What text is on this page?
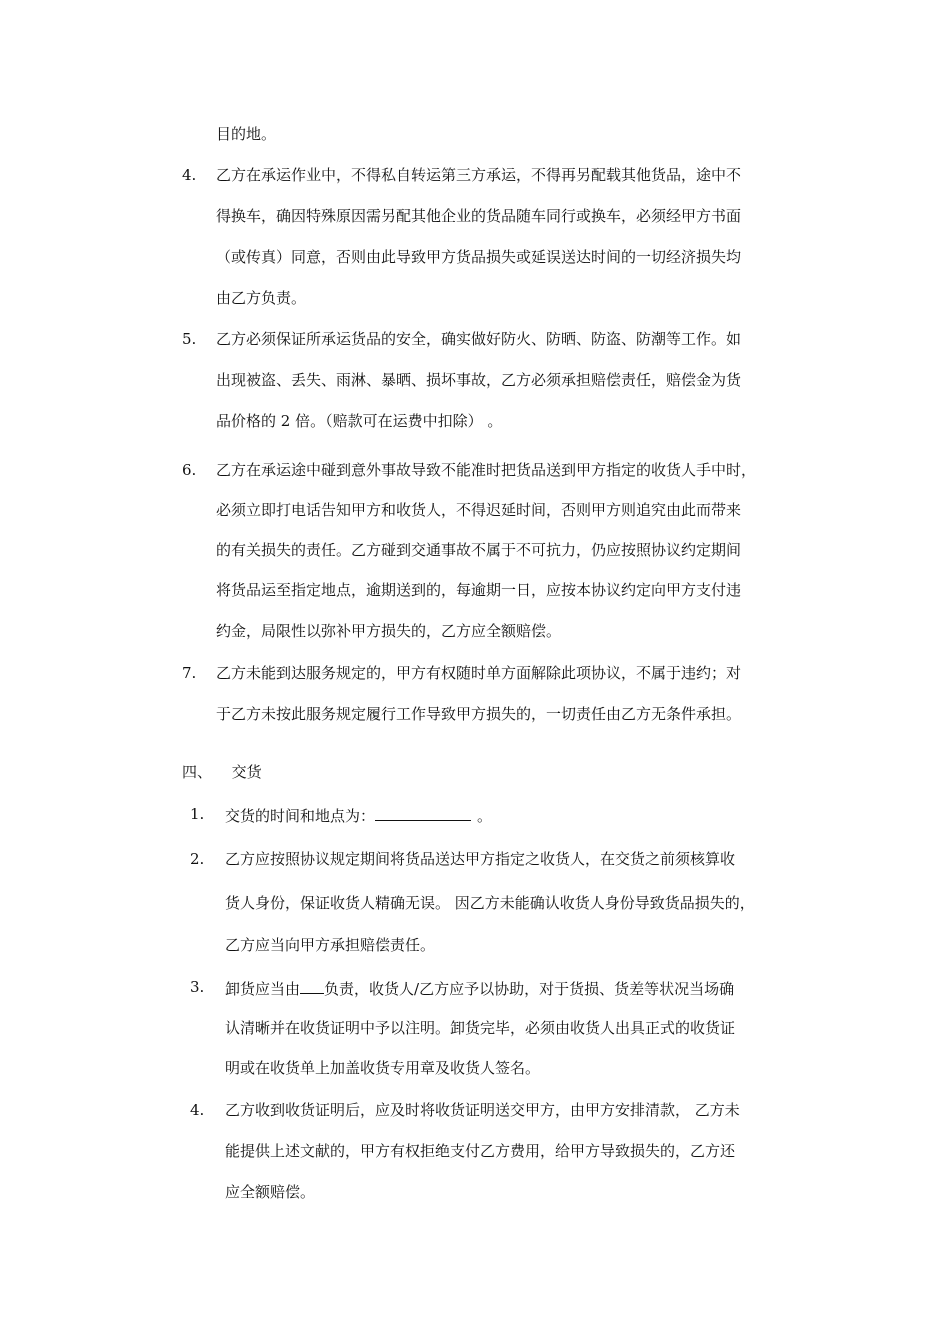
目的地。
4. 乙方在承运作业中，不得私自转运第三方承运，不得再另配载其他货品，途中不
得换车，确因特殊原因需另配其他企业的货品随车同行或换车，必须经甲方书面
（或传真）同意，否则由此导致甲方货品损失或延误送达时间的一切经济损失均
由乙方负责。
5. 乙方必须保证所承运货品的安全，确实做好防火、防晒、防盗、防潮等工作。如
出现被盗、丢失、雨淋、暴晒、损坏事故，乙方必须承担赔偿责任，赔偿金为货
品价格的 2 倍。（赔款可在运费中扣除） 。
6. 乙方在承运途中碰到意外事故导致不能准时把货品送到甲方指定的收货人手中时，
必须立即打电话告知甲方和收货人，不得迟延时间，否则甲方则追究由此而带来
的有关损失的责任。乙方碰到交通事故不属于不可抗力，仍应按照协议约定期间
将货品运至指定地点，逾期送到的，每逾期一日，应按本协议约定向甲方支付违
约金，局限性以弥补甲方损失的，乙方应全额赔偿。
7. 乙方未能到达服务规定的，甲方有权随时单方面解除此项协议，不属于违约；对
于乙方未按此服务规定履行工作导致甲方损失的，一切责任由乙方无条件承担。
四、 交货
1. 交货的时间和地点为：	。
2. 乙方应按照协议规定期间将货品送达甲方指定之收货人，在交货之前须核算收
货人身份，保证收货人精确无误。 因乙方未能确认收货人身份导致货品损失的，
乙方应当向甲方承担赔偿责任。
3. 卸货应当由 负责，收货人/乙方应予以协助，对于货损、货差等状况当场确
认清晰并在收货证明中予以注明。卸货完毕，必须由收货人出具正式的收货证
明或在收货单上加盖收货专用章及收货人签名。
4. 乙方收到收货证明后，应及时将收货证明送交甲方，由甲方安排清款， 乙方未
能提供上述文献的，甲方有权拒绝支付乙方费用，给甲方导致损失的，乙方还
应全额赔偿。
